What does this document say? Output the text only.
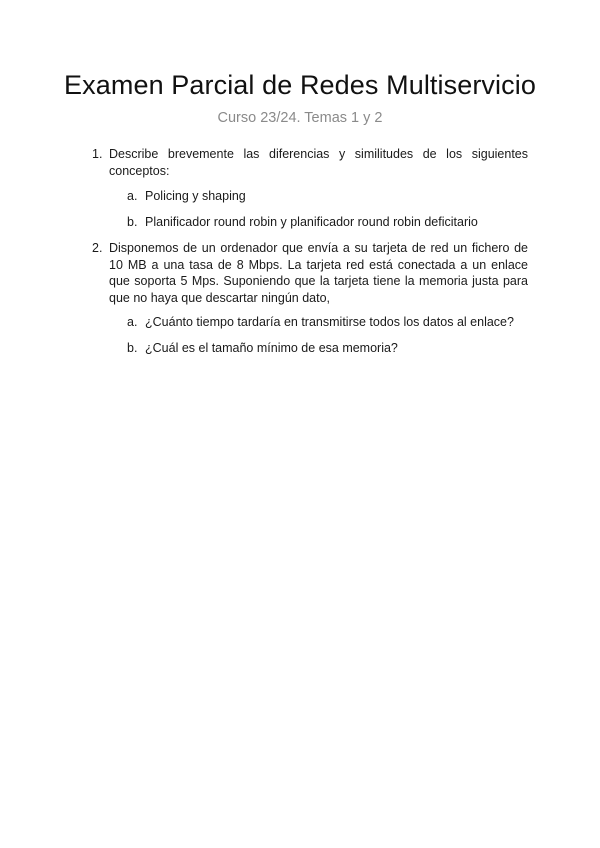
Examen Parcial de Redes Multiservicio
Curso 23/24. Temas 1 y 2
1. Describe brevemente las diferencias y similitudes de los siguientes conceptos:
a. Policing y shaping
b. Planificador round robin y planificador round robin deficitario
2. Disponemos de un ordenador que envía a su tarjeta de red un fichero de 10 MB a una tasa de 8 Mbps. La tarjeta red está conectada a un enlace que soporta 5 Mps. Suponiendo que la tarjeta tiene la memoria justa para que no haya que descartar ningún dato,
a. ¿Cuánto tiempo tardaría en transmitirse todos los datos al enlace?
b. ¿Cuál es el tamaño mínimo de esa memoria?
